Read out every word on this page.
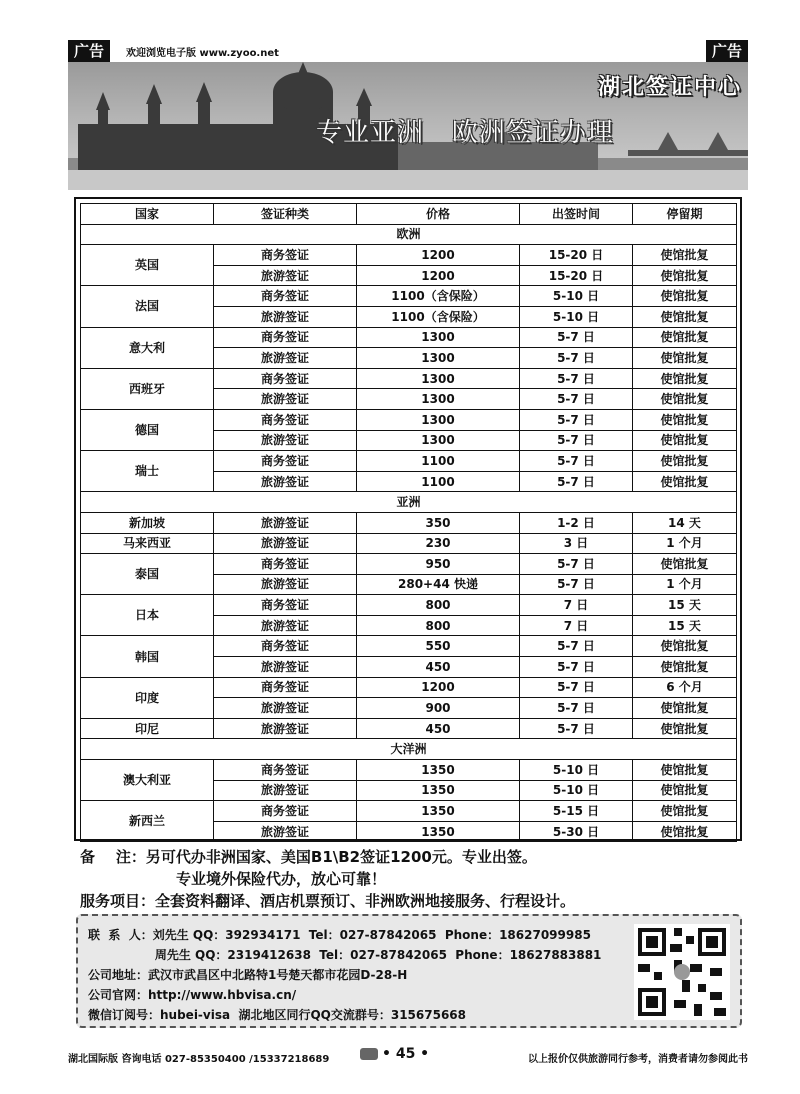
广告	欢迎浏览电子版 www.zyoo.net	广告
专业亚洲   欧洲签证办理
湖北签证中心
国家	签证种类	价格	出签时间	停留期
欧洲				
英国	商务签证	1200	15-20 日	使馆批复
	旅游签证	1200	15-20 日	使馆批复
法国	商务签证	1100（含保险）	5-10 日	使馆批复
	旅游签证	1100（含保险）	5-10 日	使馆批复
意大利	商务签证	1300	5-7 日	使馆批复
	旅游签证	1300	5-7 日	使馆批复
西班牙	商务签证	1300	5-7 日	使馆批复
	旅游签证	1300	5-7 日	使馆批复
德国	商务签证	1300	5-7 日	使馆批复
	旅游签证	1300	5-7 日	使馆批复
瑞士	商务签证	1100	5-7 日	使馆批复
	旅游签证	1100	5-7 日	使馆批复
亚洲				
新加坡	旅游签证	350	1-2 日	14 天
马来西亚	旅游签证	230	3 日	1 个月
泰国	商务签证	950	5-7 日	使馆批复
	旅游签证	280+44 快递	5-7 日	1 个月
日本	商务签证	800	7 日	15 天
	旅游签证	800	7 日	15 天
韩国	商务签证	550	5-7 日	使馆批复
	旅游签证	450	5-7 日	使馆批复
印度	商务签证	1200	5-7 日	6 个月
	旅游签证	900	5-7 日	使馆批复
印尼	旅游签证	450	5-7 日	使馆批复
大洋洲				
澳大利亚	商务签证	1350	5-10 日	使馆批复
	旅游签证	1350	5-10 日	使馆批复
新西兰	商务签证	1350	5-15 日	使馆批复
	旅游签证	1350	5-30 日	使馆批复
备    注：另可代办非洲国家、美国B1\B2签证1200元。专业出签。
专业境外保险代办，放心可靠！
服务项目：全套资料翻译、酒店机票预订、非洲欧洲地接服务、行程设计。
联  系  人：刘先生 QQ：392934171  Tel：027-87842065  Phone：18627099985
周先生 QQ：2319412638  Tel：027-87842065  Phone：18627883881
公司地址：武汉市武昌区中北路特1号楚天都市花园D-28-H
公司官网：http://www.hbvisa.cn/
微信订阅号：hubei-visa  湖北地区同行QQ交流群号：315675668
湖北国际版 咨询电话 027-85350400 /15337218689	• 45 •	以上报价仅供旅游同行参考，消费者请勿参阅此书
